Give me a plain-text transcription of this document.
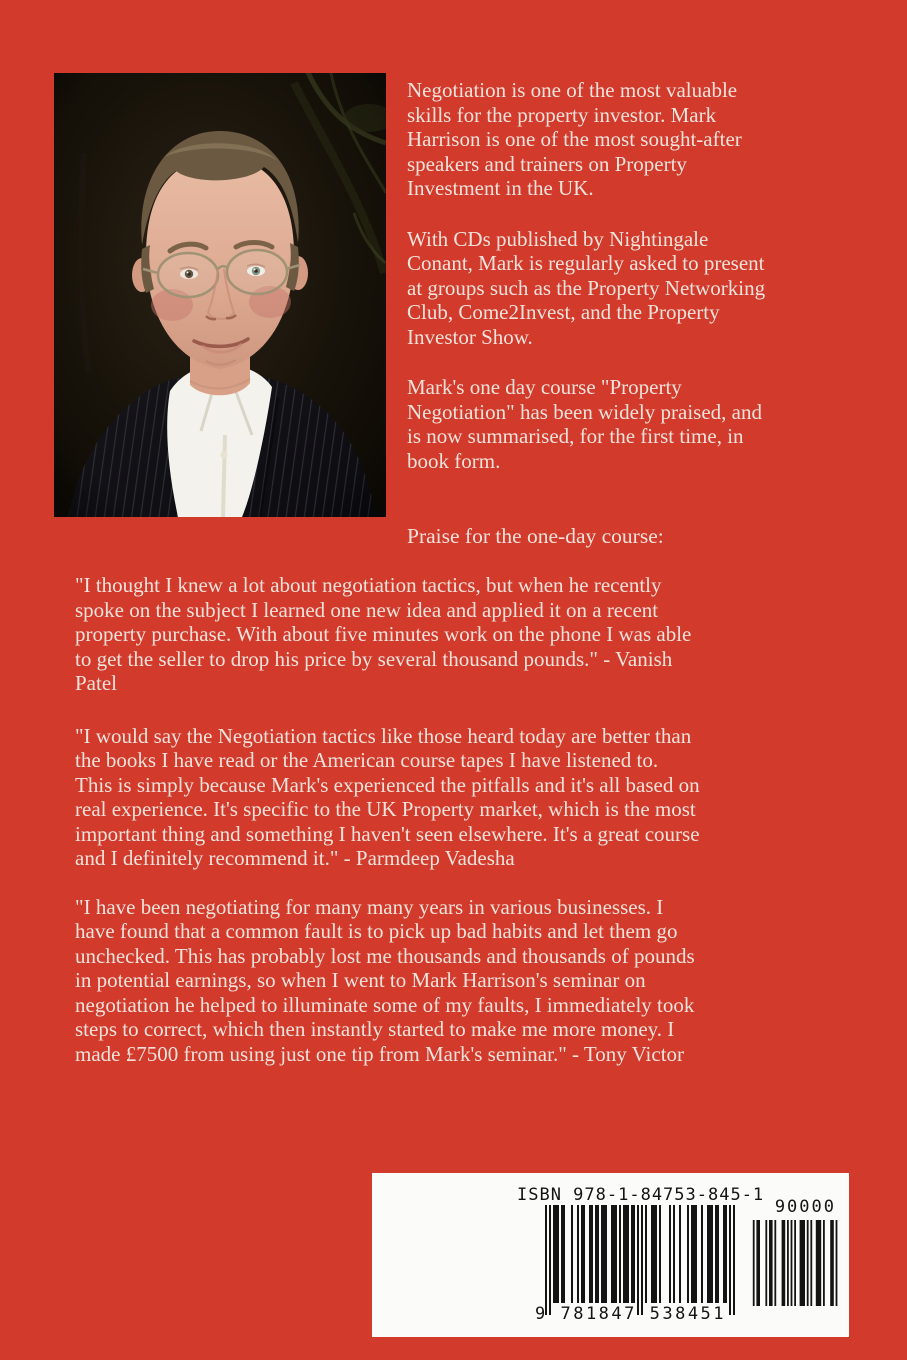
Negotiation is one of the most valuable
skills for the property investor. Mark
Harrison is one of the most sought-after
speakers and trainers on Property
Investment in the UK.
With CDs published by Nightingale
Conant, Mark is regularly asked to present
at groups such as the Property Networking
Club, Come2Invest, and the Property
Investor Show.
Mark's one day course "Property
Negotiation" has been widely praised, and
is now summarised, for the first time, in
book form.
Praise for the one-day course:
"I thought I knew a lot about negotiation tactics, but when he recently
spoke on the subject I learned one new idea and applied it on a recent
property purchase. With about five minutes work on the phone I was able
to get the seller to drop his price by several thousand pounds." - Vanish
Patel
"I would say the Negotiation tactics like those heard today are better than
the books I have read or the American course tapes I have listened to.
This is simply because Mark's experienced the pitfalls and it's all based on
real experience. It's specific to the UK Property market, which is the most
important thing and something I haven't seen elsewhere. It's a great course
and I definitely recommend it." - Parmdeep Vadesha
"I have been negotiating for many many years in various businesses. I
have found that a common fault is to pick up bad habits and let them go
unchecked. This has probably lost me thousands and thousands of pounds
in potential earnings, so when I went to Mark Harrison's seminar on
negotiation he helped to illuminate some of my faults, I immediately took
steps to correct, which then instantly started to make me more money. I
made £7500 from using just one tip from Mark's seminar." - Tony Victor
ISBN 978-1-84753-845-1
90000
9 781847 538451
